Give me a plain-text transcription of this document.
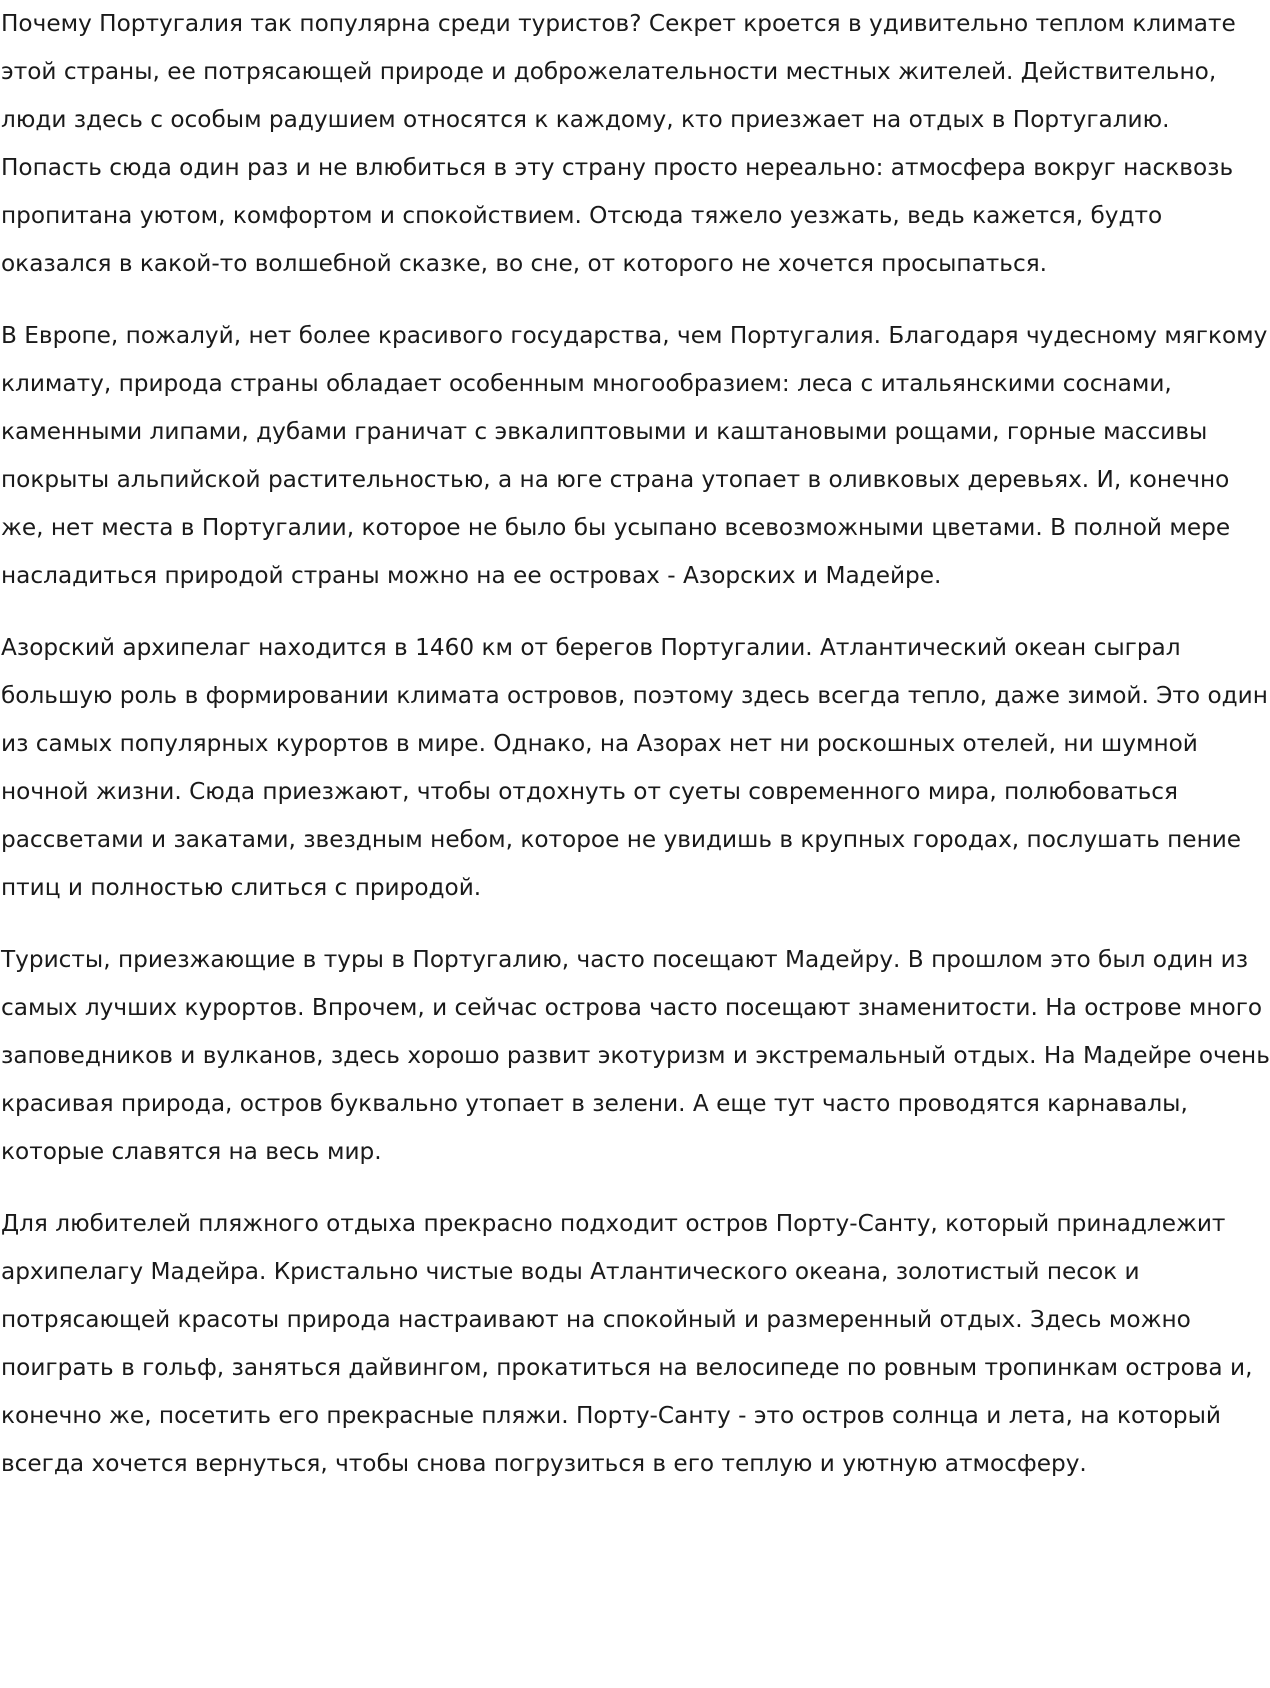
Почему Португалия так популярна среди туристов? Секрет кроется в удивительно теплом климате этой страны, ее потрясающей природе и доброжелательности местных жителей. Действительно, люди здесь с особым радушием относятся к каждому, кто приезжает на отдых в Португалию. Попасть сюда один раз и не влюбиться в эту страну просто нереально: атмосфера вокруг насквозь пропитана уютом, комфортом и спокойствием. Отсюда тяжело уезжать, ведь кажется, будто оказался в какой-то волшебной сказке, во сне, от которого не хочется просыпаться.

В Европе, пожалуй, нет более красивого государства, чем Португалия. Благодаря чудесному мягкому климату, природа страны обладает особенным многообразием: леса с итальянскими соснами, каменными липами, дубами граничат с эвкалиптовыми и каштановыми рощами, горные массивы покрыты альпийской растительностью, а на юге страна утопает в оливковых деревьях. И, конечно же, нет места в Португалии, которое не было бы усыпано всевозможными цветами. В полной мере насладиться природой страны можно на ее островах - Азорских и Мадейре.

Азорский архипелаг находится в 1460 км от берегов Португалии. Атлантический океан сыграл большую роль в формировании климата островов, поэтому здесь всегда тепло, даже зимой. Это один из самых популярных курортов в мире. Однако, на Азорах нет ни роскошных отелей, ни шумной ночной жизни. Сюда приезжают, чтобы отдохнуть от суеты современного мира, полюбоваться рассветами и закатами, звездным небом, которое не увидишь в крупных городах, послушать пение птиц и полностью слиться с природой.

Туристы, приезжающие в туры в Португалию, часто посещают Мадейру. В прошлом это был один из самых лучших курортов. Впрочем, и сейчас острова часто посещают знаменитости. На острове много заповедников и вулканов, здесь хорошо развит экотуризм и экстремальный отдых. На Мадейре очень красивая природа, остров буквально утопает в зелени. А еще тут часто проводятся карнавалы, которые славятся на весь мир.

Для любителей пляжного отдыха прекрасно подходит остров Порту-Санту, который принадлежит архипелагу Мадейра. Кристально чистые воды Атлантического океана, золотистый песок и потрясающей красоты природа настраивают на спокойный и размеренный отдых. Здесь можно поиграть в гольф, заняться дайвингом, прокатиться на велосипеде по ровным тропинкам острова и, конечно же, посетить его прекрасные пляжи. Порту-Санту - это остров солнца и лета, на который всегда хочется вернуться, чтобы снова погрузиться в его теплую и уютную атмосферу.
